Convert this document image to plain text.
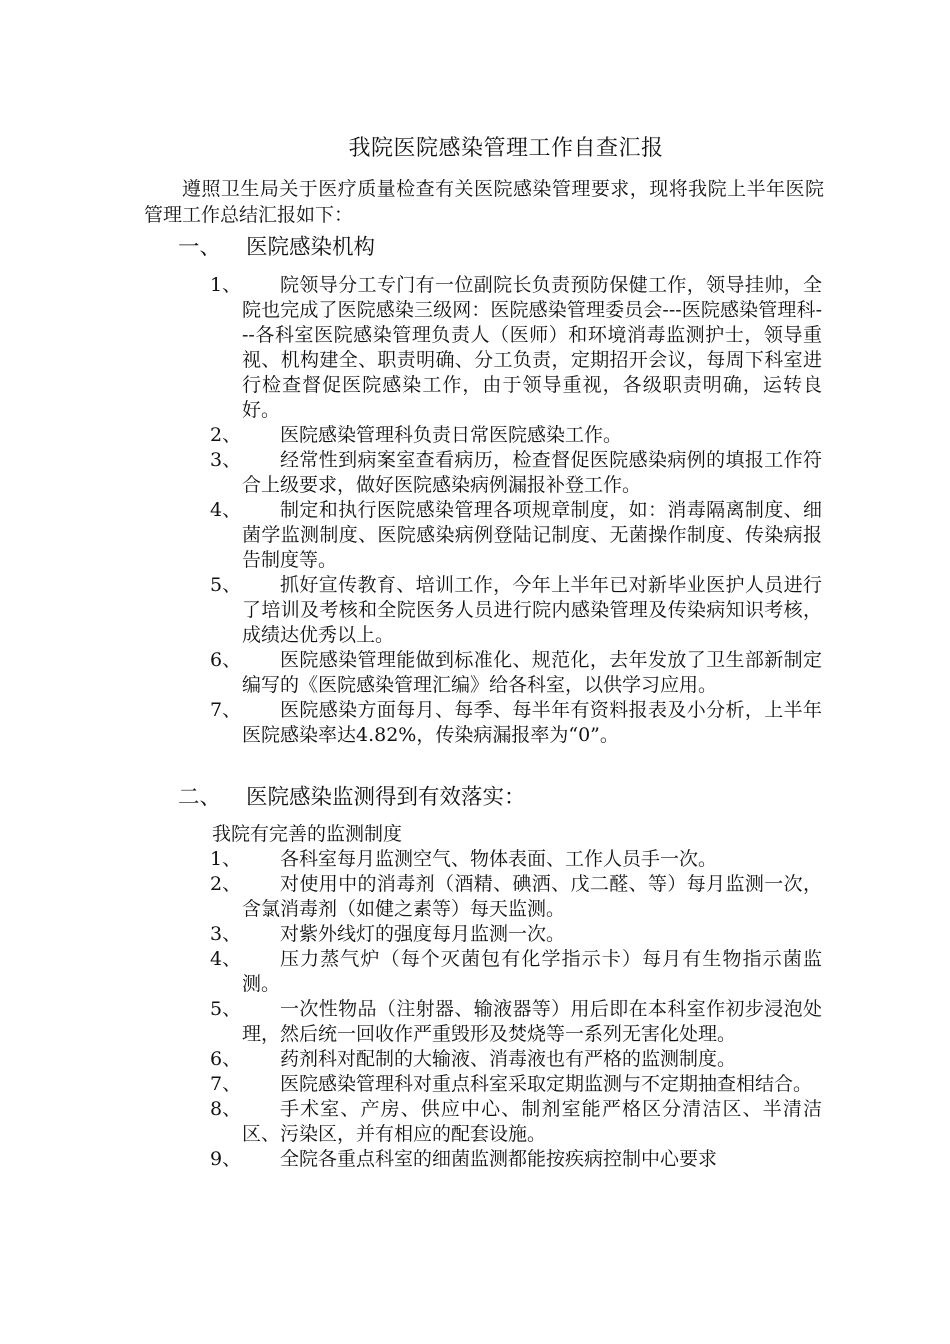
我院医院感染管理工作自查汇报
遵照卫生局关于医疗质量检查有关医院感染管理要求，现将我院上半年医院管理工作总结汇报如下：
一、 医院感染机构
1、	院领导分工专门有一位副院长负责预防保健工作，领导挂帅，全院也完成了医院感染三级网：医院感染管理委员会---医院感染管理科---各科室医院感染管理负责人（医师）和环境消毒监测护士，领导重视、机构建全、职责明确、分工负责，定期招开会议，每周下科室进行检查督促医院感染工作，由于领导重视，各级职责明确，运转良好。
2、	医院感染管理科负责日常医院感染工作。
3、	经常性到病案室查看病历，检查督促医院感染病例的填报工作符合上级要求，做好医院感染病例漏报补登工作。
4、	制定和执行医院感染管理各项规章制度，如：消毒隔离制度、细菌学监测制度、医院感染病例登陆记制度、无菌操作制度、传染病报告制度等。
5、	抓好宣传教育、培训工作，今年上半年已对新毕业医护人员进行了培训及考核和全院医务人员进行院内感染管理及传染病知识考核，成绩达优秀以上。
6、	医院感染管理能做到标准化、规范化，去年发放了卫生部新制定编写的《医院感染管理汇编》给各科室，以供学习应用。
7、	医院感染方面每月、每季、每半年有资料报表及小分析，上半年医院感染率达4.82%，传染病漏报率为“0”。
二、 医院感染监测得到有效落实：
我院有完善的监测制度
1、	各科室每月监测空气、物体表面、工作人员手一次。
2、	对使用中的消毒剂（酒精、碘洒、戊二醛、等）每月监测一次，含氯消毒剂（如健之素等）每天监测。
3、	对紫外线灯的强度每月监测一次。
4、	压力蒸气炉（每个灭菌包有化学指示卡）每月有生物指示菌监测。
5、	一次性物品（注射器、输液器等）用后即在本科室作初步浸泡处理，然后统一回收作严重毁形及焚烧等一系列无害化处理。
6、	药剂科对配制的大输液、消毒液也有严格的监测制度。
7、	医院感染管理科对重点科室采取定期监测与不定期抽查相结合。
8、	手术室、产房、供应中心、制剂室能严格区分清洁区、半清洁区、污染区，并有相应的配套设施。
9、	全院各重点科室的细菌监测都能按疾病控制中心要求
